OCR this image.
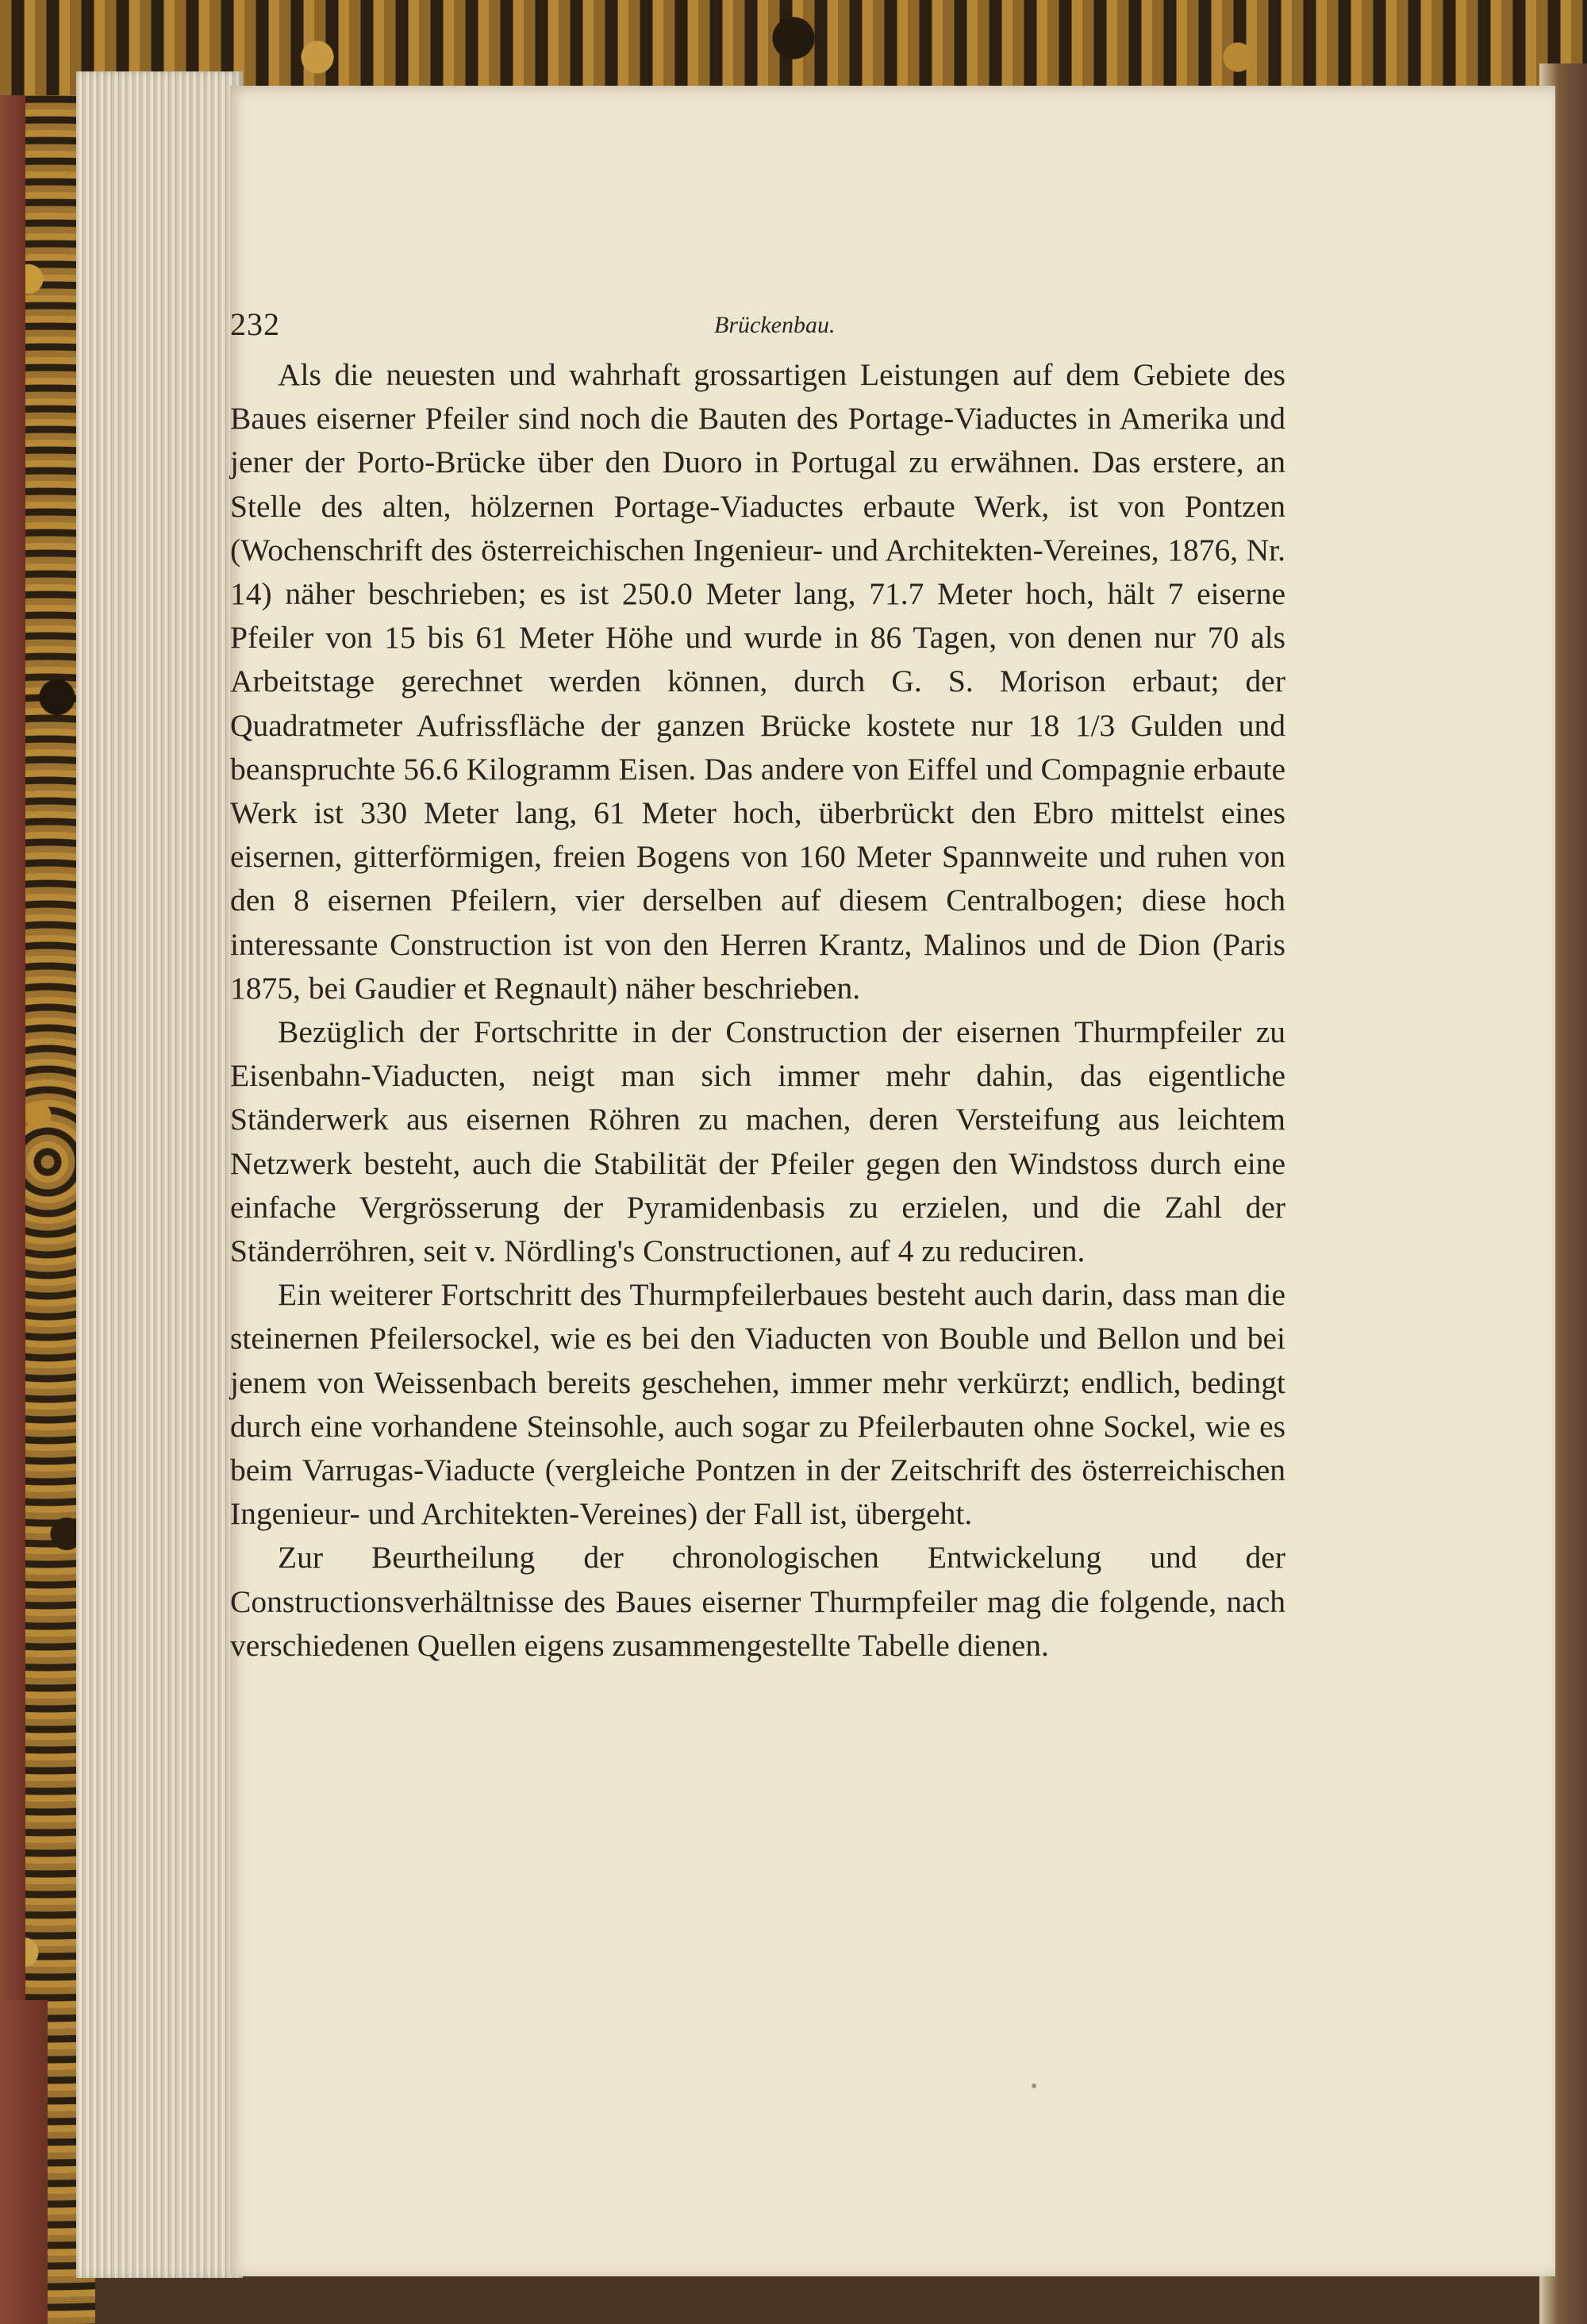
232	Brückenbau.

Als die neuesten und wahrhaft grossartigen Leistungen auf dem Gebiete des Baues eiserner Pfeiler sind noch die Bauten des Portage-Viaductes in Amerika und jener der Porto-Brücke über den Duoro in Portugal zu erwähnen. Das erstere, an Stelle des alten, hölzernen Portage-Viaductes erbaute Werk, ist von Pontzen (Wochenschrift des österreichischen Ingenieur- und Architekten-Vereines, 1876, Nr. 14) näher beschrieben; es ist 250.0 Meter lang, 71.7 Meter hoch, hält 7 eiserne Pfeiler von 15 bis 61 Meter Höhe und wurde in 86 Tagen, von denen nur 70 als Arbeitstage gerechnet werden können, durch G. S. Morison erbaut; der Quadratmeter Aufrissfläche der ganzen Brücke kostete nur 18 1/3 Gulden und beanspruchte 56.6 Kilogramm Eisen. Das andere von Eiffel und Compagnie erbaute Werk ist 330 Meter lang, 61 Meter hoch, überbrückt den Ebro mittelst eines eisernen, gitterförmigen, freien Bogens von 160 Meter Spannweite und ruhen von den 8 eisernen Pfeilern, vier derselben auf diesem Centralbogen; diese hoch interessante Construction ist von den Herren Krantz, Malinos und de Dion (Paris 1875, bei Gaudier et Regnault) näher beschrieben.

Bezüglich der Fortschritte in der Construction der eisernen Thurmpfeiler zu Eisenbahn-Viaducten, neigt man sich immer mehr dahin, das eigentliche Ständerwerk aus eisernen Röhren zu machen, deren Versteifung aus leichtem Netzwerk besteht, auch die Stabilität der Pfeiler gegen den Windstoss durch eine einfache Vergrösserung der Pyramidenbasis zu erzielen, und die Zahl der Ständerröhren, seit v. Nördling's Constructionen, auf 4 zu reduciren.

Ein weiterer Fortschritt des Thurmpfeilerbaues besteht auch darin, dass man die steinernen Pfeilersockel, wie es bei den Viaducten von Bouble und Bellon und bei jenem von Weissenbach bereits geschehen, immer mehr verkürzt; endlich, bedingt durch eine vorhandene Steinsohle, auch sogar zu Pfeilerbauten ohne Sockel, wie es beim Varrugas-Viaducte (vergleiche Pontzen in der Zeitschrift des österreichischen Ingenieur- und Architekten-Vereines) der Fall ist, übergeht.

Zur Beurtheilung der chronologischen Entwickelung und der Constructionsverhältnisse des Baues eiserner Thurmpfeiler mag die folgende, nach verschiedenen Quellen eigens zusammengestellte Tabelle dienen.
